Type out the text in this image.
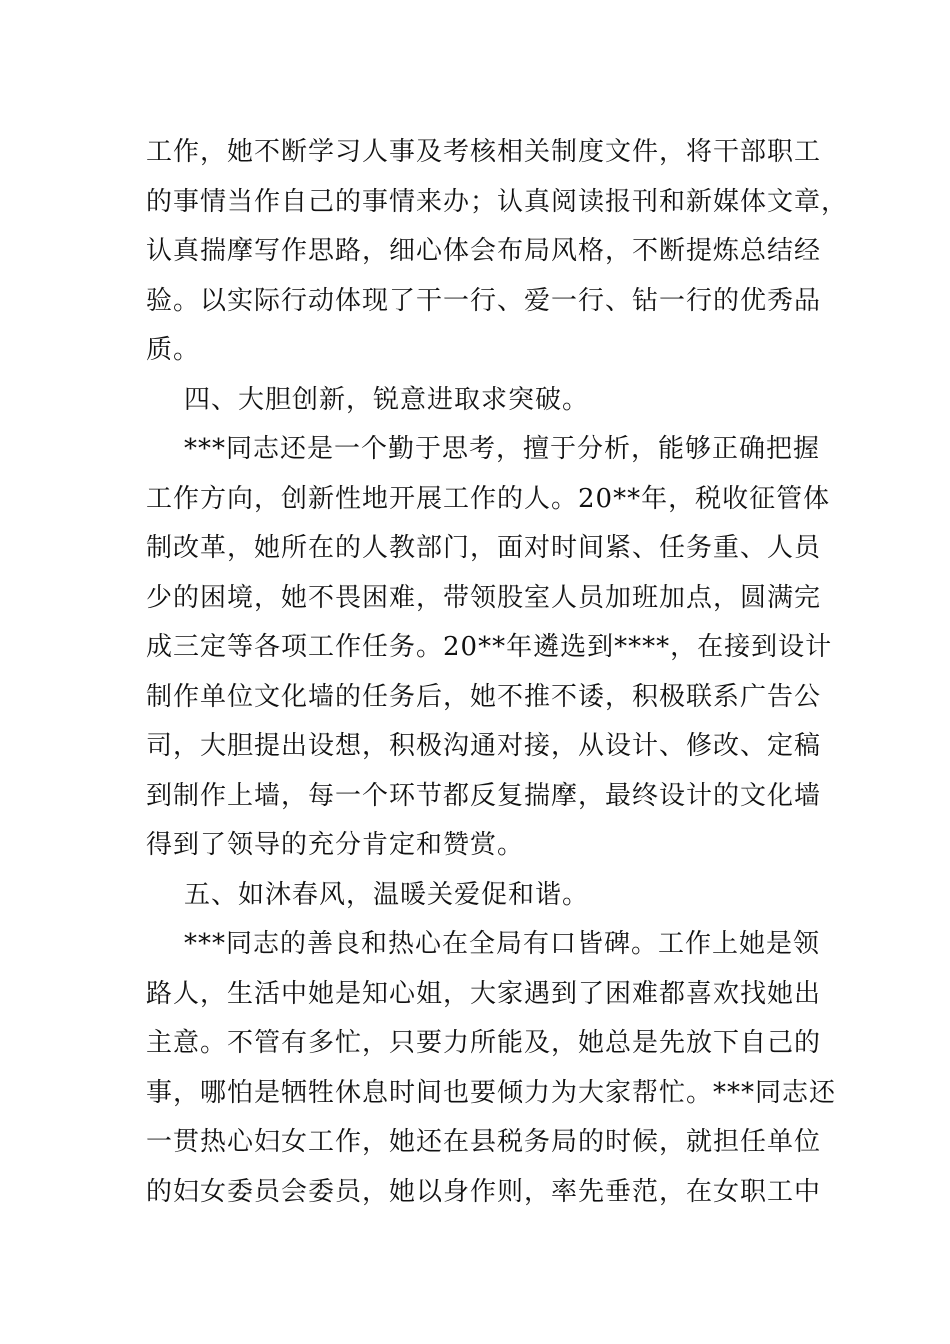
工作，她不断学习人事及考核相关制度文件，将干部职工
的事情当作自己的事情来办；认真阅读报刊和新媒体文章，
认真揣摩写作思路，细心体会布局风格，不断提炼总结经
验。以实际行动体现了干一行、爱一行、钻一行的优秀品
质。
四、大胆创新，锐意进取求突破。
***同志还是一个勤于思考，擅于分析，能够正确把握
工作方向，创新性地开展工作的人。20**年，税收征管体
制改革，她所在的人教部门，面对时间紧、任务重、人员
少的困境，她不畏困难，带领股室人员加班加点，圆满完
成三定等各项工作任务。20**年遴选到****，在接到设计
制作单位文化墙的任务后，她不推不诿，积极联系广告公
司，大胆提出设想，积极沟通对接，从设计、修改、定稿
到制作上墙，每一个环节都反复揣摩，最终设计的文化墙
得到了领导的充分肯定和赞赏。
五、如沐春风，温暖关爱促和谐。
***同志的善良和热心在全局有口皆碑。工作上她是领
路人，生活中她是知心姐，大家遇到了困难都喜欢找她出
主意。不管有多忙，只要力所能及，她总是先放下自己的
事，哪怕是牺牲休息时间也要倾力为大家帮忙。***同志还
一贯热心妇女工作，她还在县税务局的时候，就担任单位
的妇女委员会委员，她以身作则，率先垂范，在女职工中
